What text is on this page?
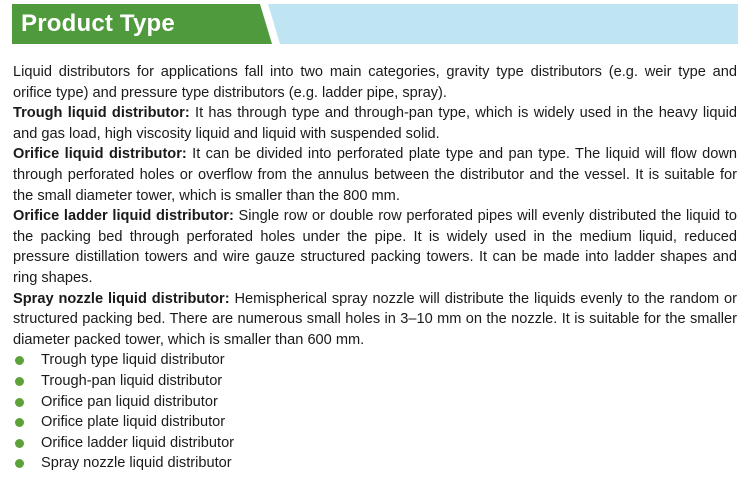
Product Type

Liquid distributors for applications fall into two main categories, gravity type distributors (e.g. weir type and orifice type) and pressure type distributors (e.g. ladder pipe, spray).

Trough liquid distributor: It has through type and through-pan type, which is widely used in the heavy liquid and gas load, high viscosity liquid and liquid with suspended solid.

Orifice liquid distributor: It can be divided into perforated plate type and pan type. The liquid will flow down through perforated holes or overflow from the annulus between the distributor and the vessel. It is suitable for the small diameter tower, which is smaller than the 800 mm.

Orifice ladder liquid distributor: Single row or double row perforated pipes will evenly distributed the liquid to the packing bed through perforated holes under the pipe. It is widely used in the medium liquid, reduced pressure distillation towers and wire gauze structured packing towers. It can be made into ladder shapes and ring shapes.

Spray nozzle liquid distributor: Hemispherical spray nozzle will distribute the liquids evenly to the random or structured packing bed. There are numerous small holes in 3–10 mm on the nozzle. It is suitable for the smaller diameter packed tower, which is smaller than 600 mm.

Trough type liquid distributor
Trough-pan liquid distributor
Orifice pan liquid distributor
Orifice plate liquid distributor
Orifice ladder liquid distributor
Spray nozzle liquid distributor
